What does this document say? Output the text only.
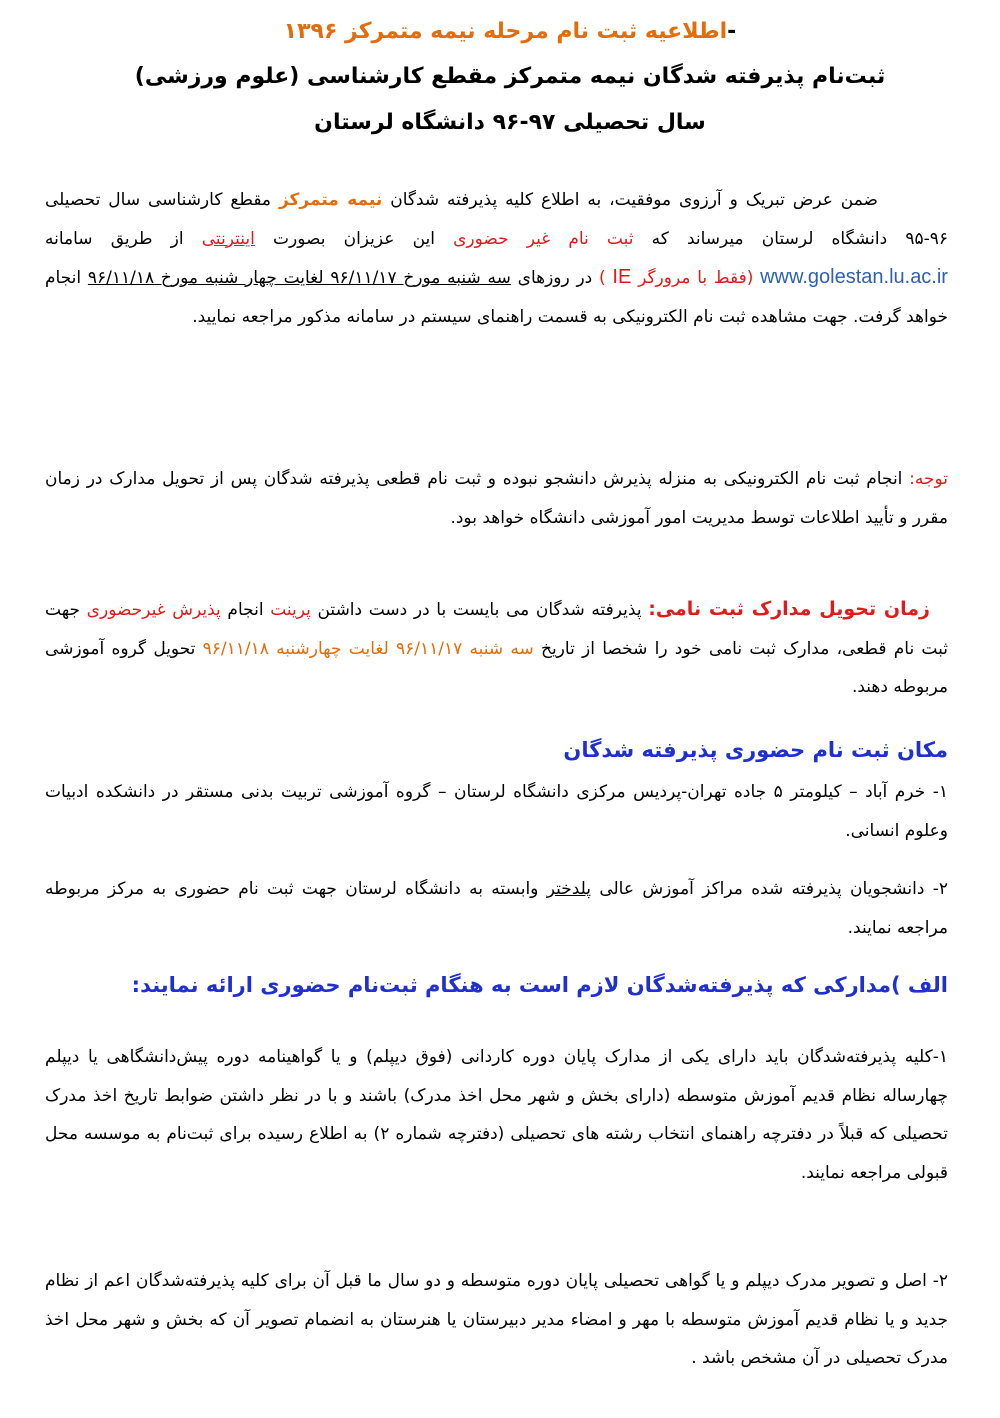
-اطلاعیه ثبت نام مرحله نیمه متمرکز ۱۳۹۶
ثبت‌نام پذیرفته شدگان نیمه متمرکز مقطع کارشناسی (علوم ورزشی)
سال تحصیلی ۹۷-۹۶ دانشگاه لرستان
ضمن عرض تبریک و آرزوی موفقیت، به اطلاع کلیه پذیرفته شدگان نیمه متمرکز مقطع کارشناسی سال تحصیلی ۹۶-۹۵ دانشگاه لرستان میرساند که ثبت نام غیر حضوری این عزیزان بصورت اینترنتی از طریق سامانه www.golestan.lu.ac.ir (فقط با مرورگر IE ) در روزهای سه شنبه مورخ ۹۶/۱۱/۱۷ لغایت چهار شنبه مورخ ۹۶/۱۱/۱۸ انجام خواهد گرفت. جهت مشاهده ثبت نام الکترونیکی به قسمت راهنمای سیستم در سامانه مذکور مراجعه نمایید.
توجه: انجام ثبت نام الکترونیکی به منزله پذیرش دانشجو نبوده و ثبت نام قطعی پذیرفته شدگان پس از تحویل مدارک در زمان مقرر و تأیید اطلاعات توسط مدیریت امور آموزشی دانشگاه خواهد بود.
زمان تحویل مدارک ثبت نامی: پذیرفته شدگان می بایست با در دست داشتن پرینت انجام پذیرش غیرحضوری جهت ثبت نام قطعی، مدارک ثبت نامی خود را شخصا از تاریخ سه شنبه ۹۶/۱۱/۱۷ لغایت چهارشنبه ۹۶/۱۱/۱۸ تحویل گروه آموزشی مربوطه دهند.
مکان ثبت نام حضوری پذیرفته شدگان
۱- خرم آباد – کیلومتر ۵ جاده تهران-پردیس مرکزی دانشگاه لرستان – گروه آموزشی تربیت بدنی مستقر در دانشکده ادبیات وعلوم انسانی.
۲- دانشجویان پذیرفته شده مراکز آموزش عالی پلدختر وابسته به دانشگاه لرستان جهت ثبت نام حضوری به مرکز مربوطه مراجعه نمایند.
الف )مدارکی که پذیرفته‌شدگان لازم است به هنگام ثبت‌نام حضوری ارائه نمایند:
۱-کلیه پذیرفته‌شدگان باید دارای یکی از مدارک پایان دوره کاردانی (فوق دیپلم) و یا گواهینامه دوره پیش‌دانشگاهی یا دیپلم چهارساله نظام قدیم آموزش متوسطه (دارای بخش و شهر محل اخذ مدرک) باشند و با در نظر داشتن ضوابط تاریخ اخذ مدرک تحصیلی که قبلاً در دفترچه راهنمای انتخاب رشته های تحصیلی (دفترچه شماره ۲) به اطلاع رسیده برای ثبت‌نام به موسسه محل قبولی مراجعه نمایند.
۲- اصل و تصویر مدرک دیپلم و یا گواهی تحصیلی پایان دوره متوسطه و دو سال ما قبل آن برای کلیه پذیرفته‌شدگان اعم از نظام جدید و یا نظام قدیم آموزش متوسطه با مهر و امضاء مدیر دبیرستان یا هنرستان به انضمام تصویر آن که بخش و شهر محل اخذ مدرک تحصیلی در آن مشخص باشد .
